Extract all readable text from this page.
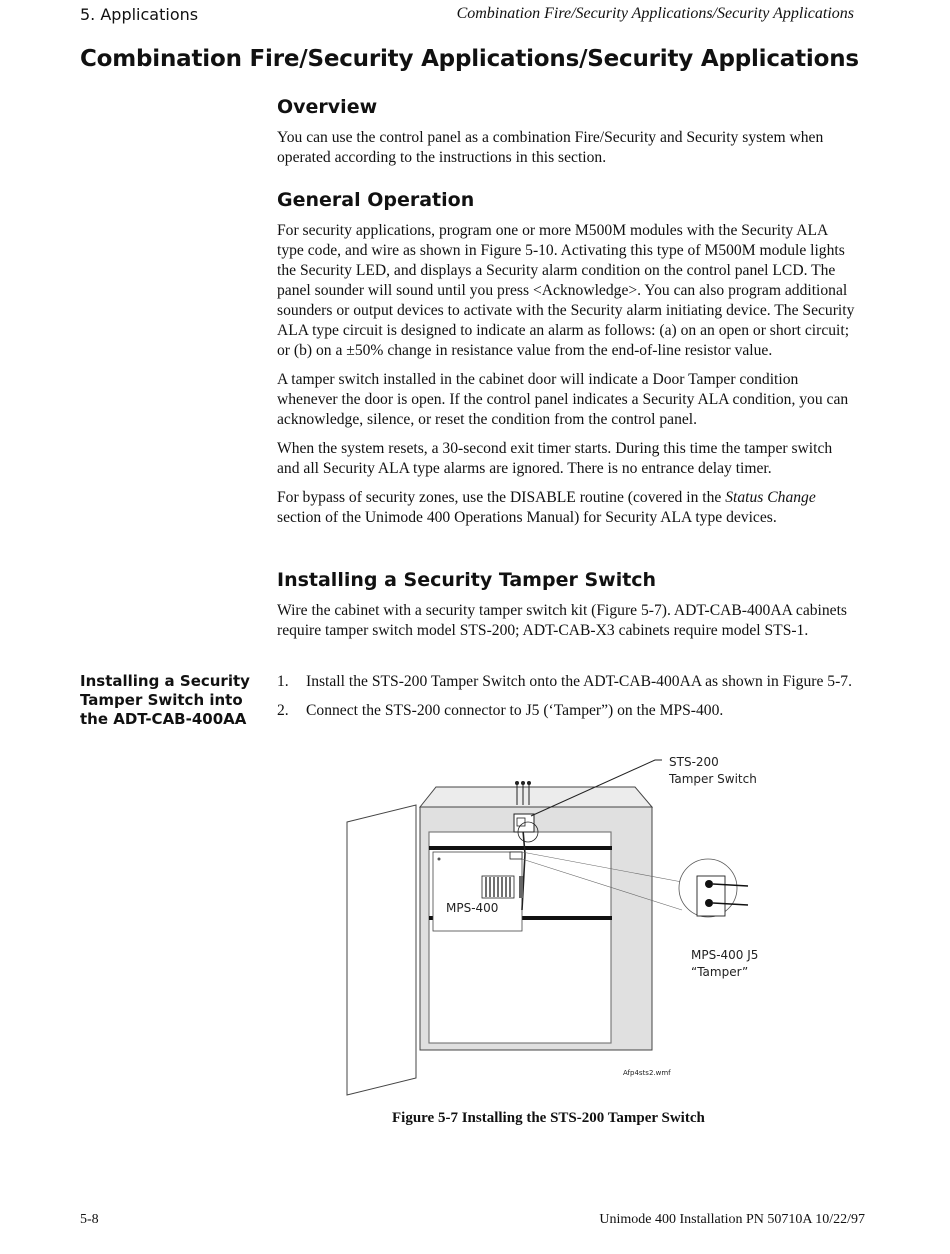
5. Applications	Combination Fire/Security Applications/Security Applications
Combination Fire/Security Applications/Security Applications
Overview

You can use the control panel as a combination Fire/Security and Security system when operated according to the instructions in this section.

General Operation

For security applications, program one or more M500M modules with the Security ALA type code, and wire as shown in Figure 5-10. Activating this type of M500M module lights the Security LED, and displays a Security alarm condition on the control panel LCD. The panel sounder will sound until you press <Acknowledge>. You can also program additional sounders or output devices to activate with the Security alarm initiating device. The Security ALA type circuit is designed to indicate an alarm as follows: (a) on an open or short circuit; or (b) on a ±50% change in resistance value from the end-of-line resistor value.

A tamper switch installed in the cabinet door will indicate a Door Tamper condition whenever the door is open. If the control panel indicates a Security ALA condition, you can acknowledge, silence, or reset the condition from the control panel.

When the system resets, a 30-second exit timer starts. During this time the tamper switch and all Security ALA type alarms are ignored. There is no entrance delay timer.

For bypass of security zones, use the DISABLE routine (covered in the Status Change section of the Unimode 400 Operations Manual) for Security ALA type devices.

Installing a Security Tamper Switch

Wire the cabinet with a security tamper switch kit (Figure 5-7). ADT-CAB-400AA cabinets require tamper switch model STS-200; ADT-CAB-X3 cabinets require model STS-1.

Installing a Security Tamper Switch into the ADT-CAB-400AA
1. Install the STS-200 Tamper Switch onto the ADT-CAB-400AA as shown in Figure 5-7.
2. Connect the STS-200 connector to J5 (‘Tamper”) on the MPS-400.
STS-200
Tamper Switch
MPS-400
MPS-400 J5
“Tamper”
Afp4sts2.wmf
Figure 5-7 Installing the STS-200 Tamper Switch
5-8	Unimode 400 Installation PN 50710A 10/22/97
